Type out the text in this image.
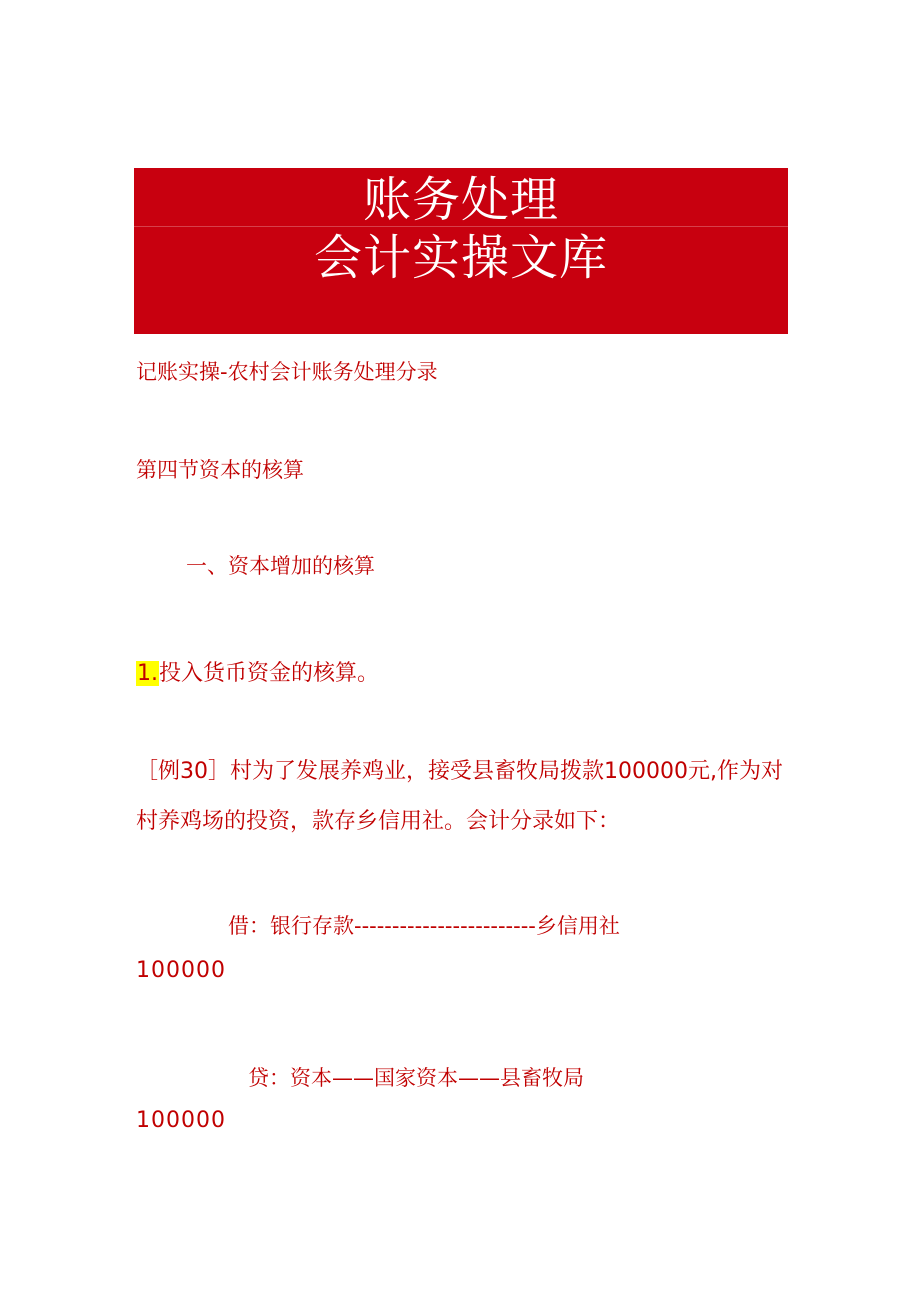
账务处理
会计实操文库
记账实操-农村会计账务处理分录
第四节资本的核算
一、资本增加的核算
1.投入货币资金的核算。
［例30］村为了发展养鸡业，接受县畜牧局拨款100000元,作为对
村养鸡场的投资，款存乡信用社。会计分录如下：
借：银行存款------------------------乡信用社
100000
贷：资本——国家资本——县畜牧局
100000
